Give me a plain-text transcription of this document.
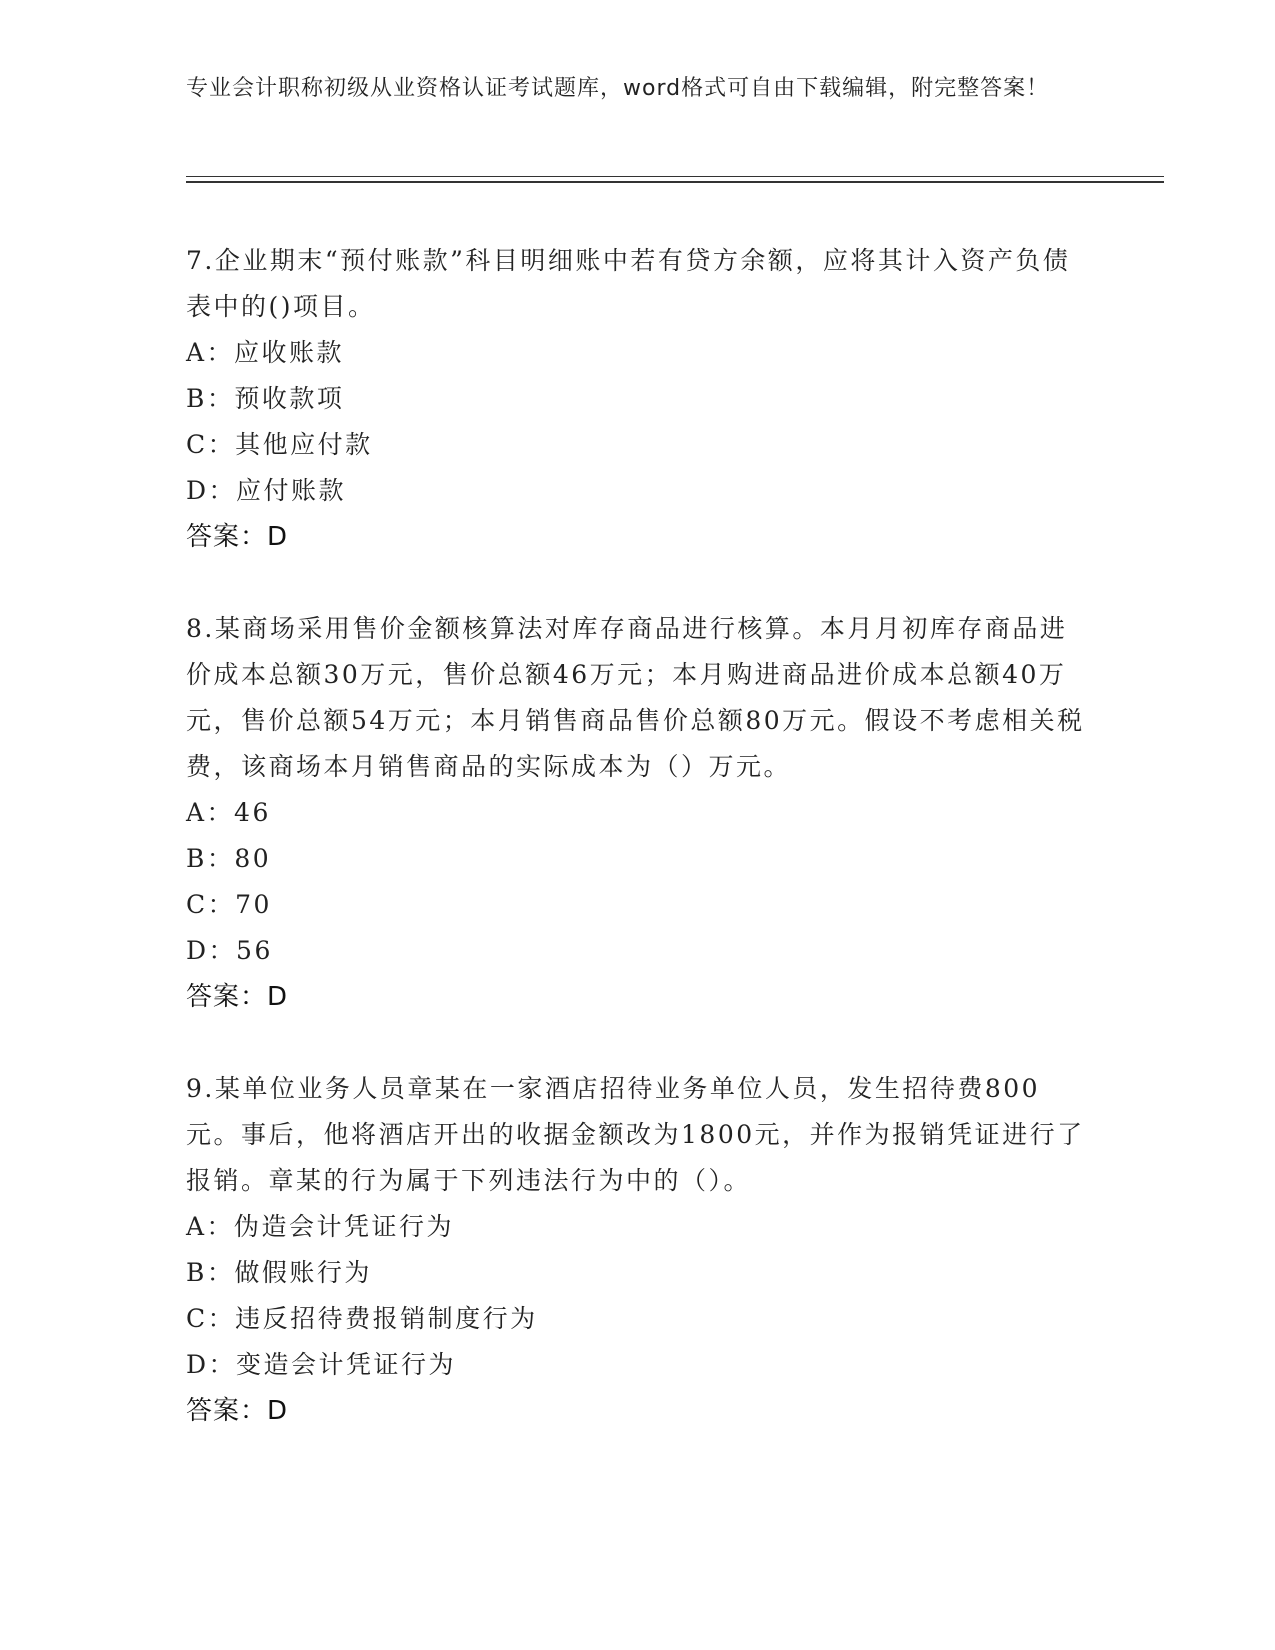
专业会计职称初级从业资格认证考试题库，word格式可自由下载编辑，附完整答案！

7.企业期末“预付账款”科目明细账中若有贷方余额，应将其计入资产负债表中的()项目。

A：应收账款

B：预收款项

C：其他应付款

D：应付账款

答案：D

8.某商场采用售价金额核算法对库存商品进行核算。本月月初库存商品进价成本总额30万元，售价总额46万元；本月购进商品进价成本总额40万元，售价总额54万元；本月销售商品售价总额80万元。假设不考虑相关税费，该商场本月销售商品的实际成本为（）万元。

A：46

B：80

C：70

D：56

答案：D

9.某单位业务人员章某在一家酒店招待业务单位人员，发生招待费800元。事后，他将酒店开出的收据金额改为1800元，并作为报销凭证进行了报销。章某的行为属于下列违法行为中的（）。

A：伪造会计凭证行为

B：做假账行为

C：违反招待费报销制度行为

D：变造会计凭证行为

答案：D
